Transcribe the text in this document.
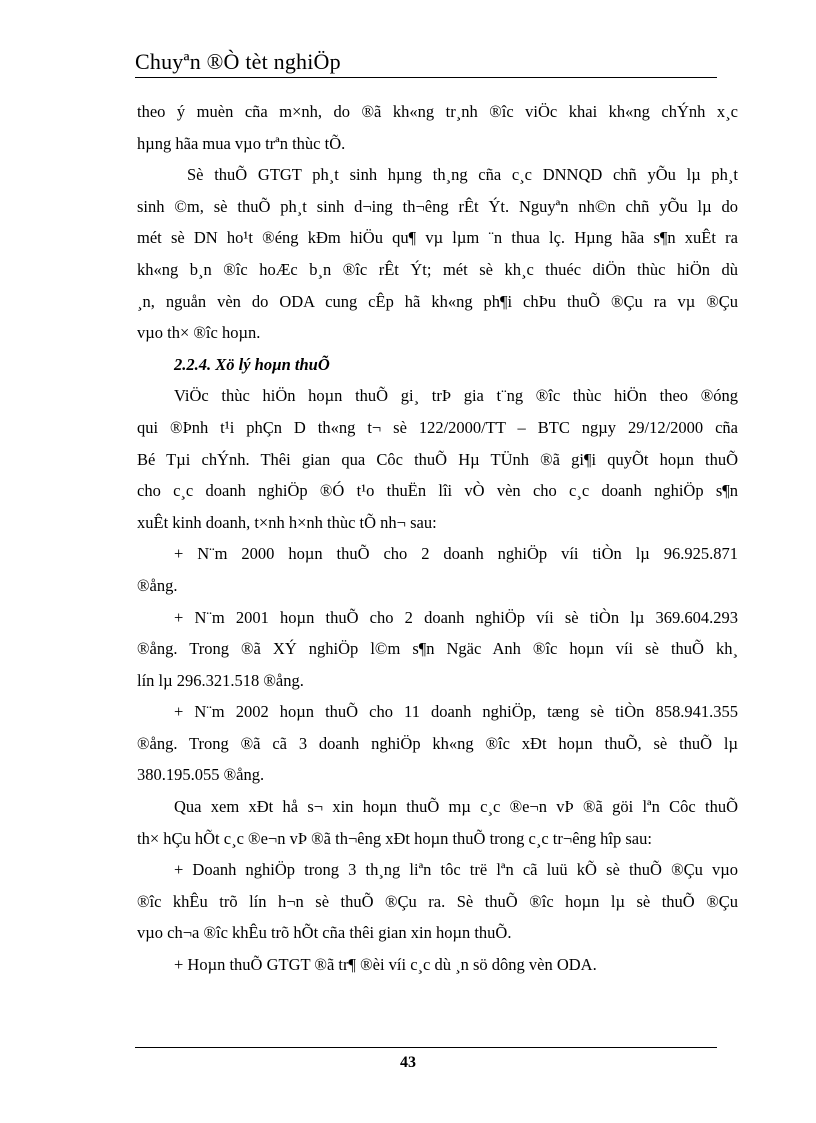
Chuyªn ®Ò tèt nghiÖp
theo ý muèn cña m×nh, do ®ã kh«ng tr¸nh ®îc viÖc khai kh«ng chÝnh x¸c
hµng hãa mua vµo trªn thùc tÕ.
Sè thuÕ GTGT ph¸t sinh hµng th¸ng cña c¸c DNNQD chñ yÕu lµ ph¸t
sinh ©m, sè thuÕ ph¸t sinh d¬ing th¬êng rÊt Ýt. Nguyªn nh©n chñ yÕu lµ do
mét sè DN ho¹t ®éng kÐm hiÖu qu¶ vµ lµm ¨n thua lç. Hµng hãa s¶n xuÊt ra
kh«ng b¸n ®îc hoÆc b¸n ®îc rÊt Ýt; mét sè kh¸c thuéc diÖn thùc hiÖn dù
¸n, nguån vèn do ODA cung cÊp hã kh«ng ph¶i chÞu thuÕ ®Çu ra vµ ®Çu
vµo th× ®îc hoµn.
2.2.4. Xö lý hoµn thuÕ
ViÖc thùc hiÖn hoµn thuÕ gi¸ trÞ gia t¨ng ®îc thùc hiÖn theo ®óng
qui ®Þnh t¹i phÇn D th«ng t¬ sè 122/2000/TT – BTC ngµy 29/12/2000 cña
Bé Tµi chÝnh. Thêi gian qua Côc thuÕ Hµ TÜnh ®ã gi¶i quyÕt hoµn thuÕ
cho c¸c doanh nghiÖp ®Ó t¹o thuËn lîi vÒ vèn cho c¸c doanh nghiÖp s¶n
xuÊt kinh doanh, t×nh h×nh thùc tÕ nh¬ sau:
+ N¨m 2000 hoµn thuÕ cho 2 doanh nghiÖp víi tiÒn lµ 96.925.871
®ång.
+ N¨m 2001 hoµn thuÕ cho 2 doanh nghiÖp víi sè tiÒn lµ 369.604.293
®ång. Trong ®ã XÝ nghiÖp l©m s¶n Ngäc Anh ®îc hoµn víi sè thuÕ kh¸
lín lµ 296.321.518 ®ång.
+ N¨m 2002 hoµn thuÕ cho 11 doanh nghiÖp, tæng sè tiÒn 858.941.355
®ång. Trong ®ã cã 3 doanh nghiÖp kh«ng ®îc xÐt hoµn thuÕ, sè thuÕ lµ
380.195.055 ®ång.
Qua xem xÐt hå s¬ xin hoµn thuÕ mµ c¸c ®e¬n vÞ ®ã göi lªn Côc thuÕ
th× hÇu hÕt c¸c ®e¬n vÞ ®ã th¬êng xÐt hoµn thuÕ trong c¸c tr¬êng hîp sau:
+ Doanh nghiÖp trong 3 th¸ng liªn tôc trë lªn cã luü kÕ sè thuÕ ®Çu vµo
®îc khÊu trõ lín h¬n sè thuÕ ®Çu ra. Sè thuÕ ®îc hoµn lµ sè thuÕ ®Çu
vµo ch¬a ®îc khÊu trõ hÕt cña thêi gian xin hoµn thuÕ.
+ Hoµn thuÕ GTGT ®ã tr¶ ®èi víi c¸c dù ¸n sö dông vèn ODA.
43
